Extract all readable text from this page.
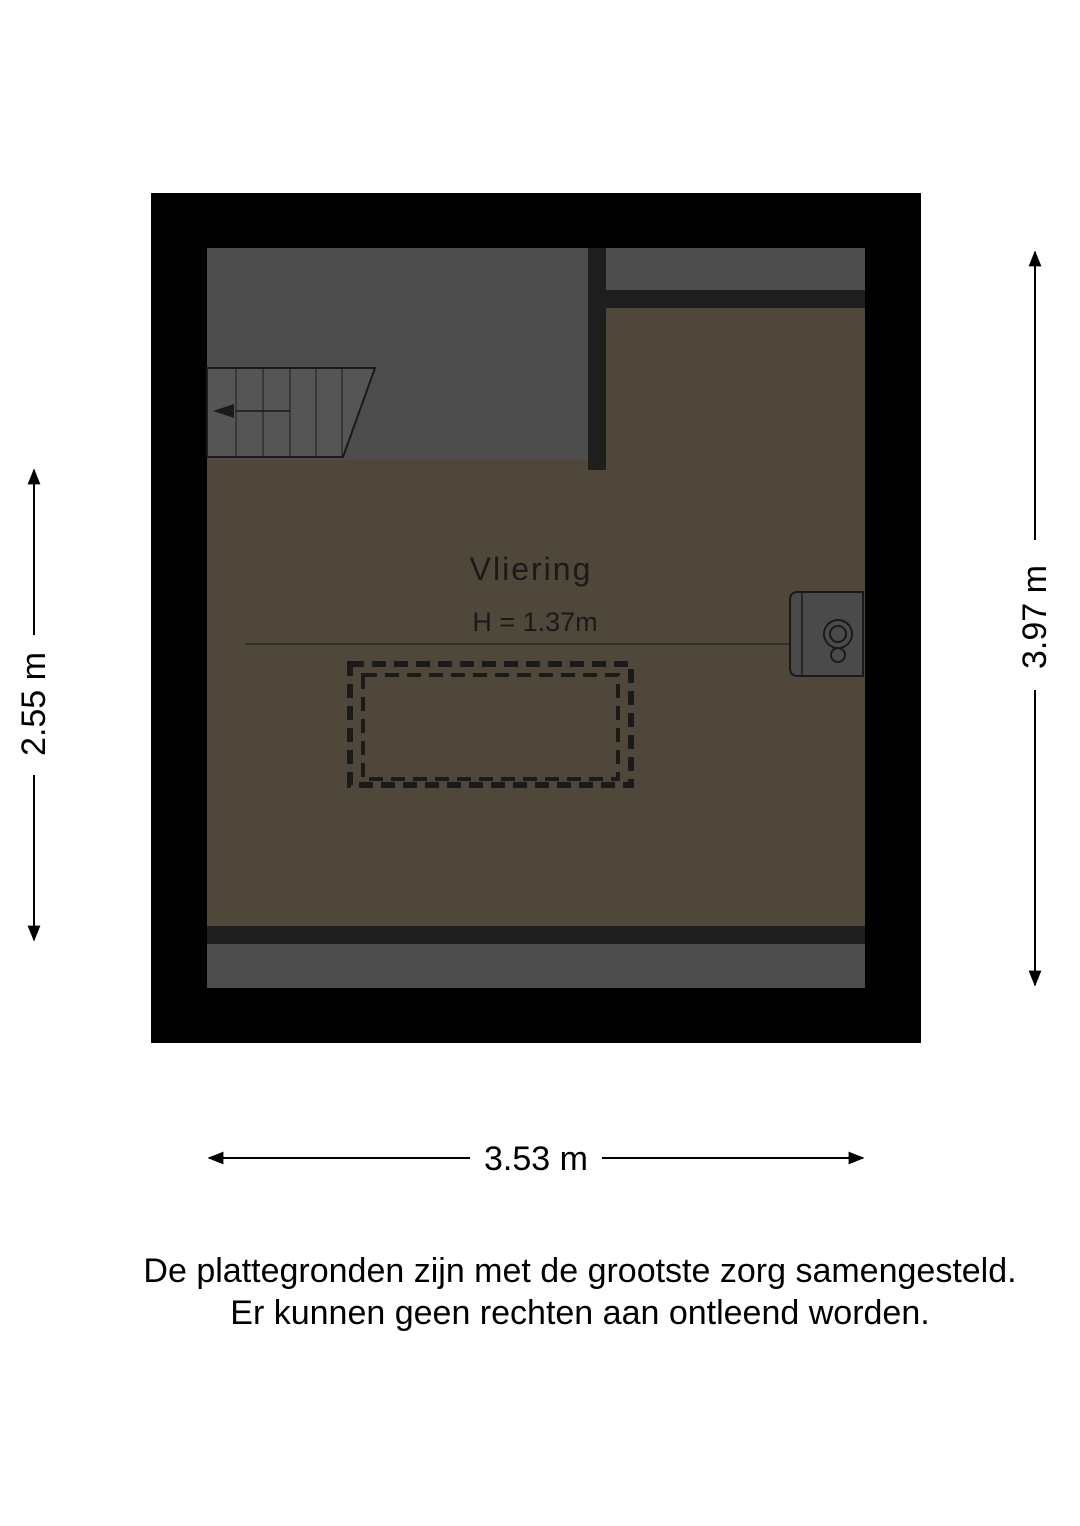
Vliering
H = 1.37m	3.97 m
2.55 m
3.53 m
De plattegronden zijn met de grootste zorg samengesteld.
Er kunnen geen rechten aan ontleend worden.
